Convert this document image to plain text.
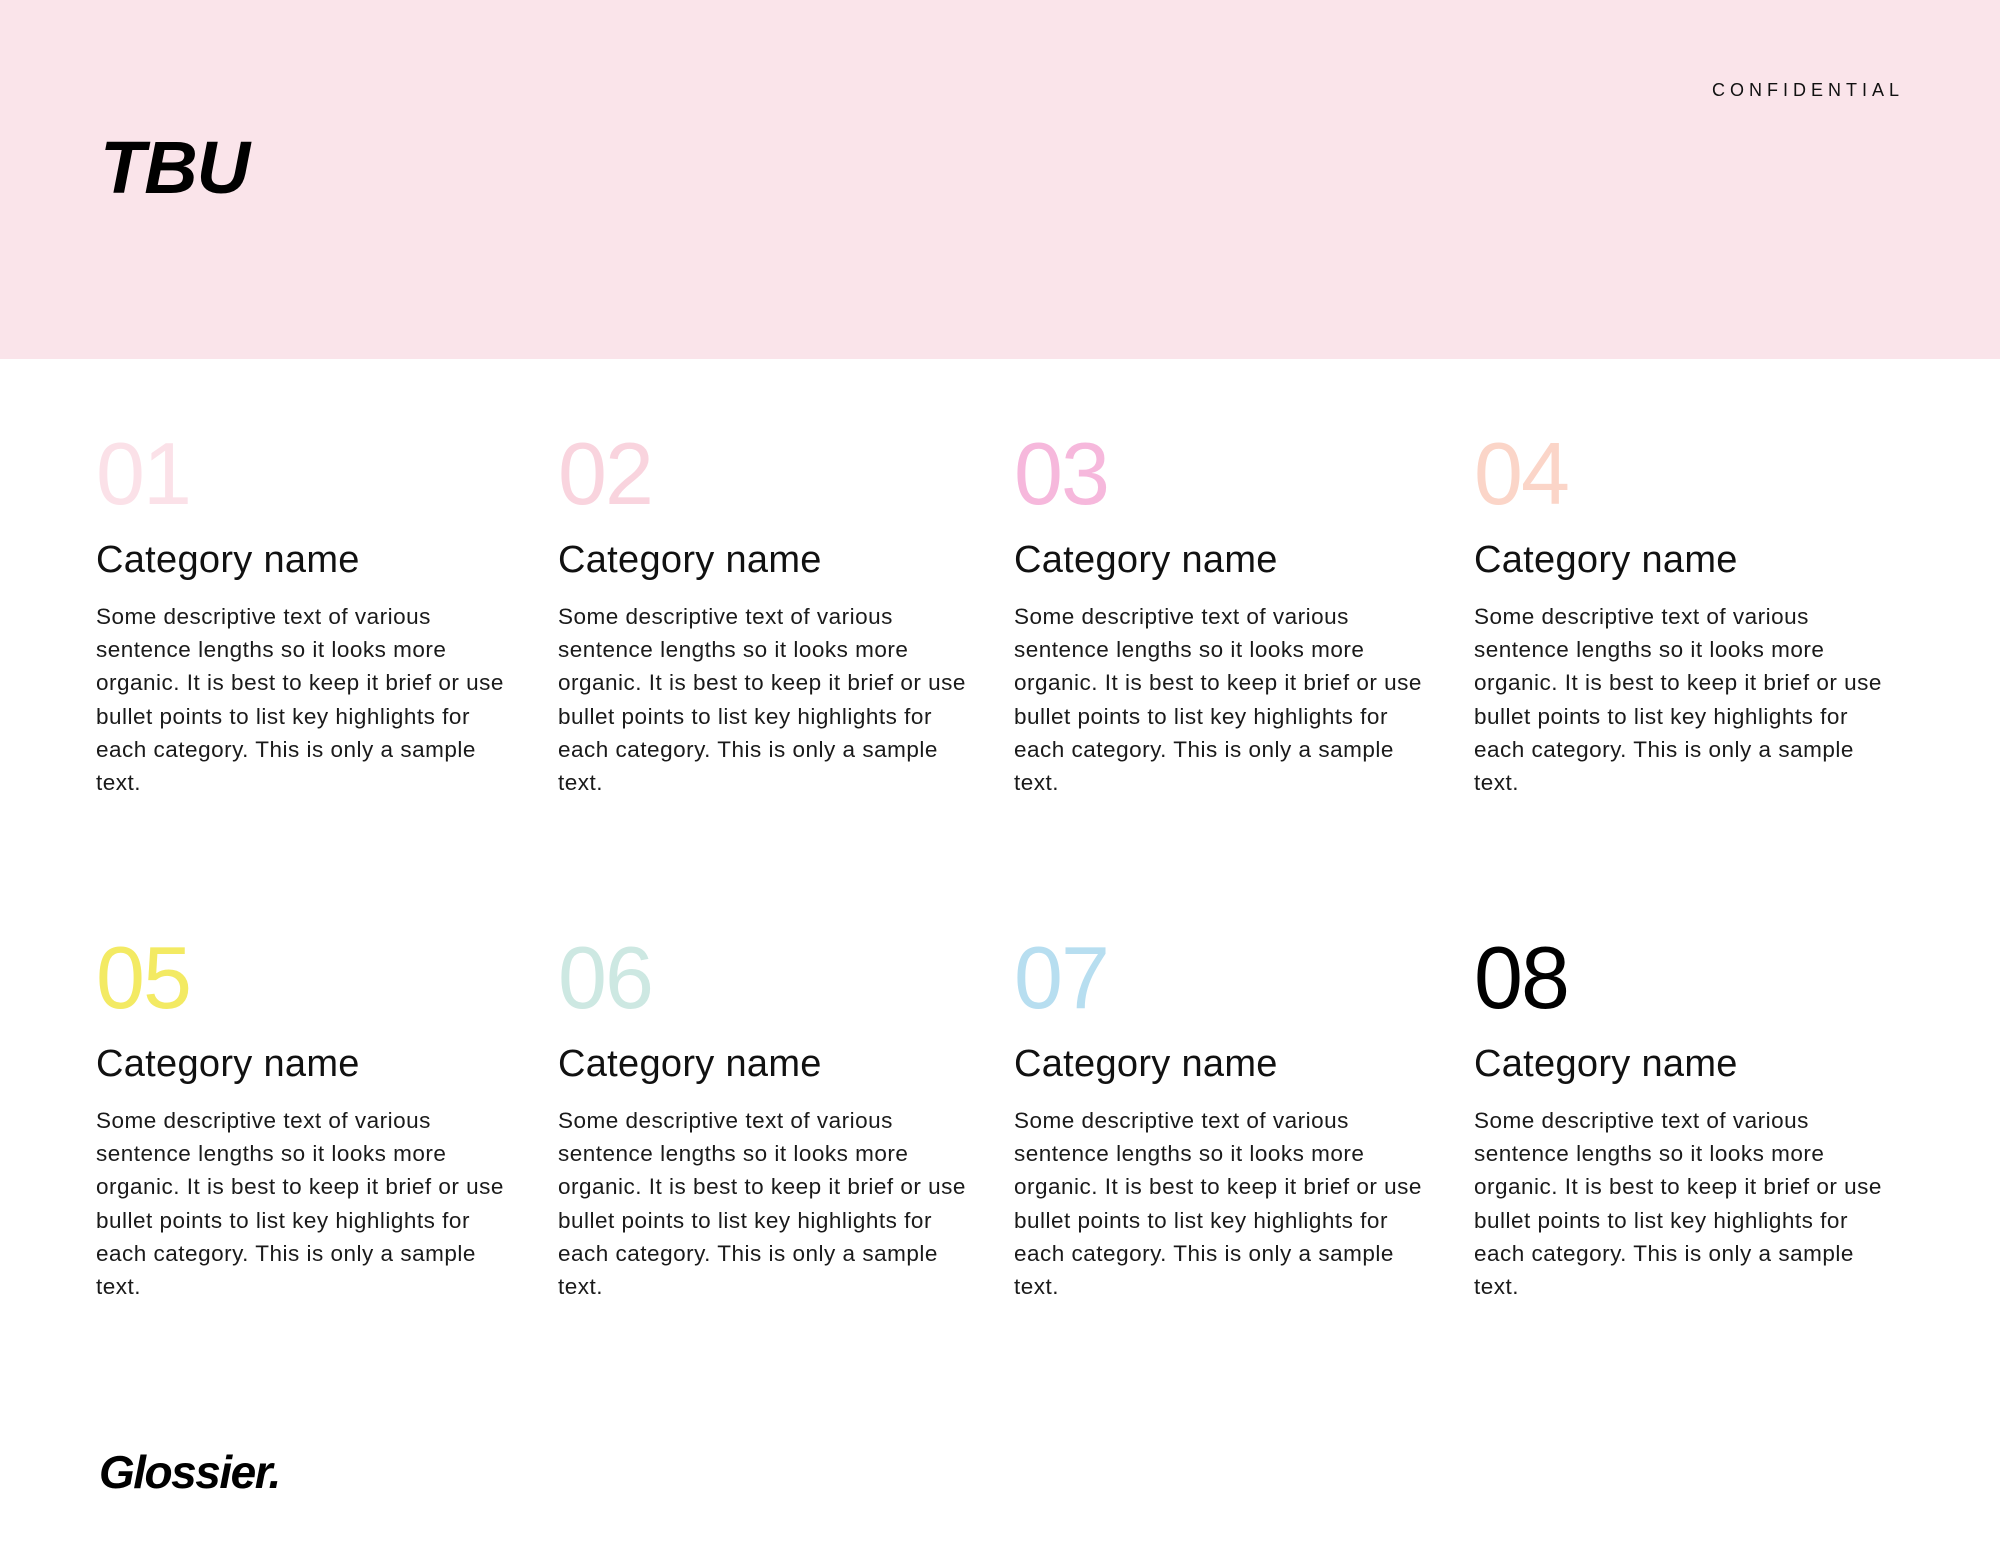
TBU
CONFIDENTIAL
01
Category name
Some descriptive text of various sentence lengths so it looks more organic. It is best to keep it brief or use bullet points to list key highlights for each category. This is only a sample text.
02
Category name
Some descriptive text of various sentence lengths so it looks more organic. It is best to keep it brief or use bullet points to list key highlights for each category. This is only a sample text.
03
Category name
Some descriptive text of various sentence lengths so it looks more organic. It is best to keep it brief or use bullet points to list key highlights for each category. This is only a sample text.
04
Category name
Some descriptive text of various sentence lengths so it looks more organic. It is best to keep it brief or use bullet points to list key highlights for each category. This is only a sample text.
05
Category name
Some descriptive text of various sentence lengths so it looks more organic. It is best to keep it brief or use bullet points to list key highlights for each category. This is only a sample text.
06
Category name
Some descriptive text of various sentence lengths so it looks more organic. It is best to keep it brief or use bullet points to list key highlights for each category. This is only a sample text.
07
Category name
Some descriptive text of various sentence lengths so it looks more organic. It is best to keep it brief or use bullet points to list key highlights for each category. This is only a sample text.
08
Category name
Some descriptive text of various sentence lengths so it looks more organic. It is best to keep it brief or use bullet points to list key highlights for each category. This is only a sample text.
Glossier.
